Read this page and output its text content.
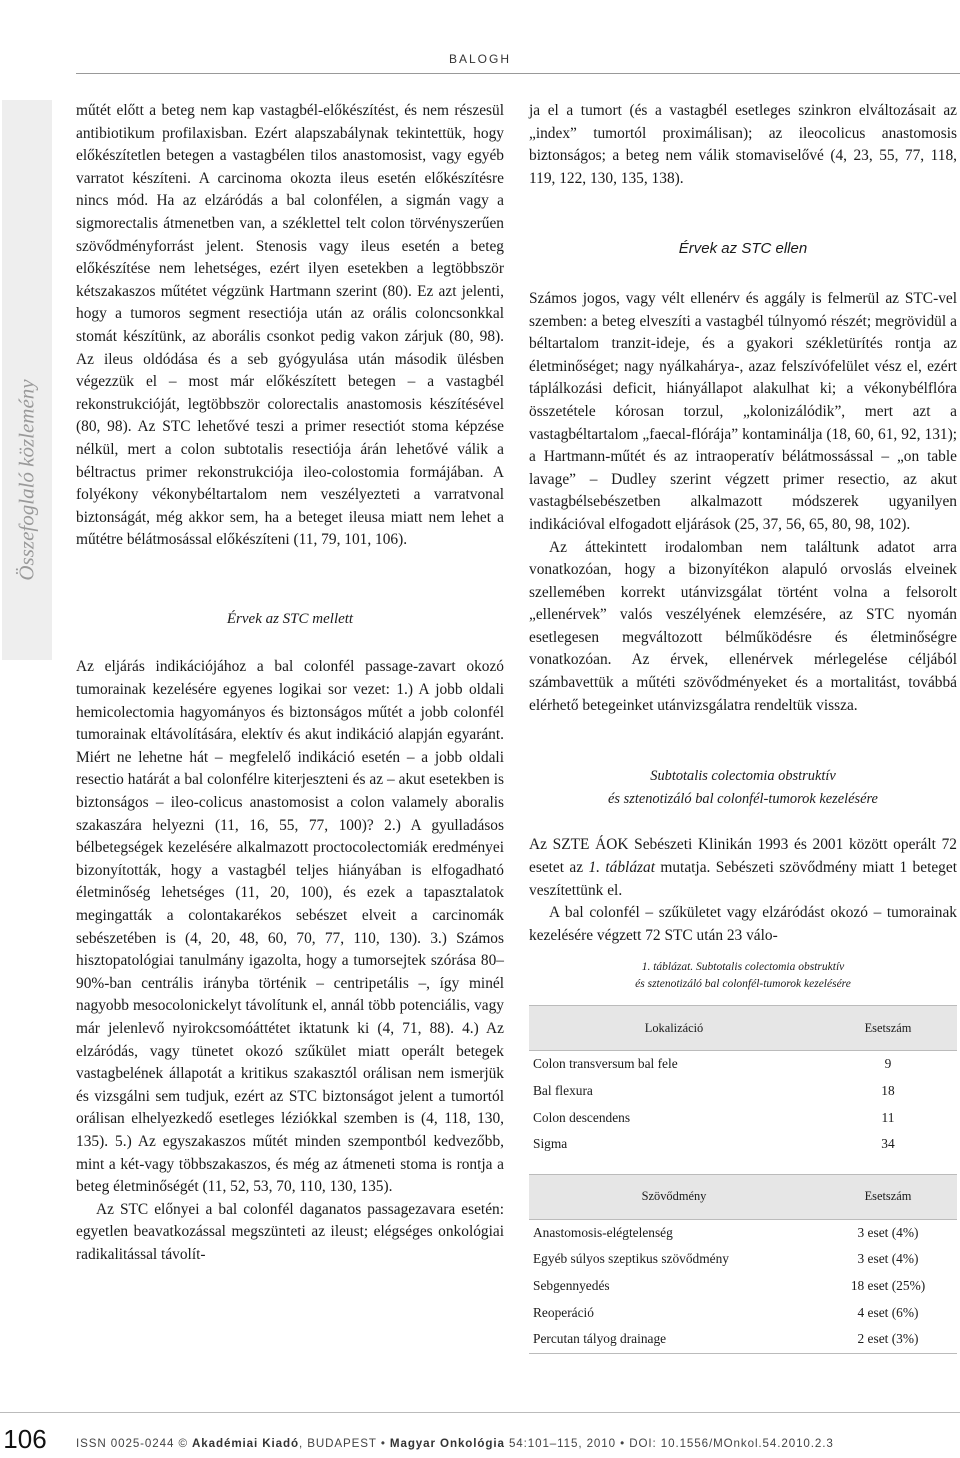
BALOGH
Összefoglaló közlemény

műtét előtt a beteg nem kap vastagbél-előkészítést, és nem részesül antibiotikum profilaxisban. Ezért alapszabálynak tekintettük, hogy előkészítetlen betegen a vastagbélen tilos anastomosist, vagy egyéb varratot készíteni. A carcinoma okozta ileus esetén előkészítésre nincs mód. Ha az elzáródás a bal colonfélen, a sigmán vagy a sigmorectalis átmenetben van, a széklettel telt colon törvényszerűen szövődményforrást jelent. Stenosis vagy ileus esetén a beteg előkészítése nem lehetséges, ezért ilyen esetekben a legtöbbször kétszakaszos műtétet végzünk Hartmann szerint (80). Ez azt jelenti, hogy a tumoros segment resectiója után az orális coloncsonkkal stomát készítünk, az aborális csonkot pedig vakon zárjuk (80, 98). Az ileus oldódása és a seb gyógyulása után második ülésben végezzük el – most már előkészített betegen – a vastagbél rekonstrukcióját, legtöbbször colorectalis anastomosis készítésével (80, 98). Az STC lehetővé teszi a primer resectiót stoma képzése nélkül, mert a colon subtotalis resectiója árán lehetővé válik a béltractus primer rekonstrukciója ileo-colostomia formájában. A folyékony vékonybéltartalom nem veszélyezteti a varratvonal biztonságát, még akkor sem, ha a beteget ileusa miatt nem lehet a műtétre bélátmosással előkészíteni (11, 79, 101, 106).

Érvek az STC mellett

Az eljárás indikációjához a bal colonfél passage-zavart okozó tumorainak kezelésére egyenes logikai sor vezet: 1.) A jobb oldali hemicolectomia hagyományos és biztonságos műtét a jobb colonfél tumorainak eltávolítására, elektív és akut indikáció alapján egyaránt. Miért ne lehetne hát – megfelelő indikáció esetén – a jobb oldali resectio határát a bal colonfélre kiterjeszteni és az – akut esetekben is biztonságos – ileo-colicus anastomosist a colon valamely aboralis szakaszára helyezni (11, 16, 55, 77, 100)? 2.) A gyulladásos bélbetegségek kezelésére alkalmazott proctocolectomiák eredményei bizonyították, hogy a vastagbél teljes hiányában is elfogadható életminőség lehetséges (11, 20, 100), és ezek a tapasztalatok megingatták a colontakarékos sebészet elveit a carcinomák sebészetében is (4, 20, 48, 60, 70, 77, 110, 130). 3.) Számos hisztopatológiai tanulmány igazolta, hogy a tumorsejtek szórása 80–90%-ban centrális irányba történik – centripetális –, így minél nagyobb mesocolonickelyt távolítunk el, annál több potenciális, vagy már jelenlevő nyirokcsomóáttétet iktatunk ki (4, 71, 88). 4.) Az elzáródás, vagy tünetet okozó szűkület miatt operált betegek vastagbelének állapotát a kritikus szakasztól orálisan nem ismerjük és vizsgálni sem tudjuk, ezért az STC biztonságot jelent a tumortól orálisan elhelyezkedő esetleges léziókkal szemben is (4, 118, 130, 135). 5.) Az egyszakaszos műtét minden szempontból kedvezőbb, mint a két-vagy többszakaszos, és még az átmeneti stoma is rontja a beteg életminőségét (11, 52, 53, 70, 110, 130, 135).

Az STC előnyei a bal colonfél daganatos passagezavara esetén: egyetlen beavatkozással megszünteti az ileust; elégséges onkológiai radikalitással távolít-

ja el a tumort (és a vastagbél esetleges szinkron elváltozásait az „index” tumortól proximálisan); az ileocolicus anastomosis biztonságos; a beteg nem válik stomaviselővé (4, 23, 55, 77, 118, 119, 122, 130, 135, 138).

Érvek az STC ellen

Számos jogos, vagy vélt ellenérv és aggály is felmerül az STC-vel szemben: a beteg elveszíti a vastagbél túlnyomó részét; megrövidül a béltartalom tranzit-ideje, és a gyakori székletürítés rontja az életminőséget; nagy nyálkahárya-, azaz felszívófelület vész el, ezért táplálkozási deficit, hiányállapot alakulhat ki; a vékonybélflóra összetétele kórosan torzul, „kolonizálódik”, mert azt a vastagbéltartalom „faecal-flórája” kontaminálja (18, 60, 61, 92, 131); a Hartmann-műtét és az intraoperatív bélátmossással – „on table lavage” – Dudley szerint végzett primer resectio, az akut vastagbélsebészetben alkalmazott módszerek ugyanilyen indikációval elfogadott eljárások (25, 37, 56, 65, 80, 98, 102).

Az áttekintett irodalomban nem találtunk adatot arra vonatkozóan, hogy a bizonyítékon alapuló orvoslás elveinek szellemében korrekt utánvizsgálat történt volna a felsorolt „ellenérvek” valós veszélyének elemzésére, az STC nyomán esetlegesen megváltozott bélműködésre és életminőségre vonatkozóan. Az érvek, ellenérvek mérlegelése céljából számbavettük a műtéti szövődményeket és a mortalitást, továbbá elérhető betegeinket utánvizsgálatra rendeltük vissza.

Subtotalis colectomia obstruktív

és sztenotizáló bal colonfél-tumorok kezelésére

Az SZTE ÁOK Sebészeti Klinikán 1993 és 2001 között operált 72 esetet az 1. táblázat mutatja. Sebészeti szövődmény miatt 1 beteget veszítettünk el.

A bal colonfél – szűkületet vagy elzáródást okozó – tumorainak kezelésére végzett 72 STC után 23 válo-

1. táblázat. Subtotalis colectomia obstruktív

és sztenotizáló bal colonfél-tumorok kezelésére

Lokalizáció	Esetszám
Colon transversum bal fele	9
Bal flexura	18
Colon descendens	11
Sigma	34

Szövődmény	Esetszám
Anastomosis-elégtelenség	3 eset (4%)
Egyéb súlyos szeptikus szövődmény	3 eset (4%)
Sebgennyedés	18 eset (25%)
Reoperáció	4 eset (6%)
Percutan tályog drainage	2 eset (3%)
106	ISSN 0025-0244 © Akadémiai Kiadó, BUDAPEST • Magyar Onkológia 54:101–115, 2010 • DOI: 10.1556/MOnkol.54.2010.2.3
